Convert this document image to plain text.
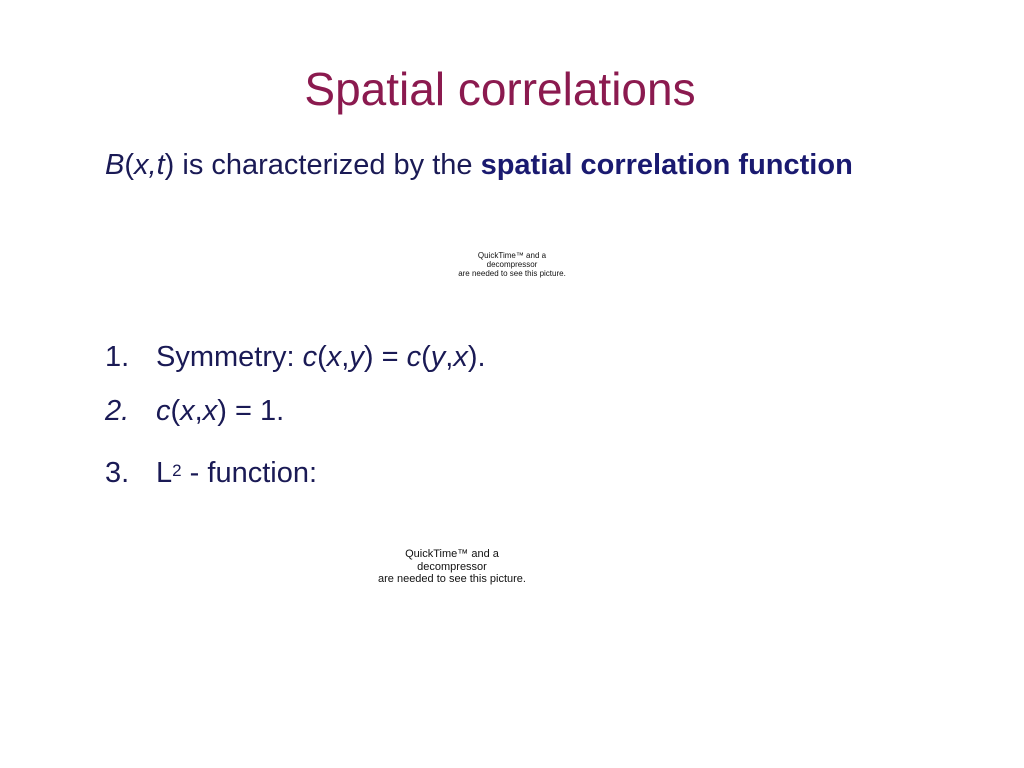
Spatial correlations
B(x,t) is characterized by the spatial correlation function
QuickTime™ and a
decompressor
are needed to see this picture.
1. Symmetry: c(x,y) = c(y,x).
2. c(x,x) = 1.
3. $L^2$ - function:
QuickTime™ and a
decompressor
are needed to see this picture.
